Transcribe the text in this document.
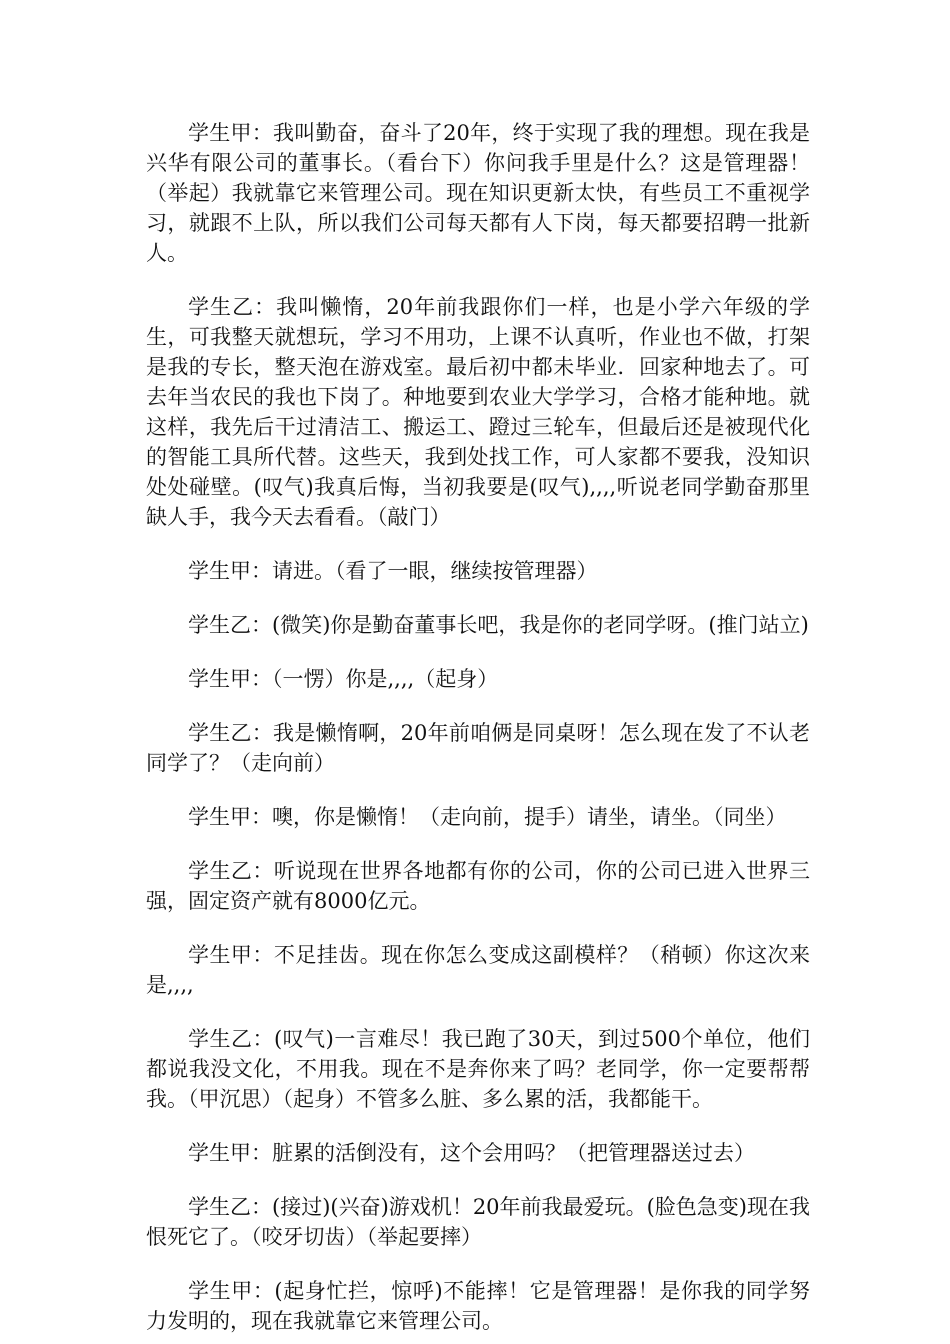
学生甲：我叫勤奋，奋斗了20年，终于实现了我的理想。现在我是兴华有限公司的董事长。（看台下）你问我手里是什么？这是管理器！（举起）我就靠它来管理公司。现在知识更新太快，有些员工不重视学习，就跟不上队，所以我们公司每天都有人下岗，每天都要招聘一批新人。

学生乙：我叫懒惰，20年前我跟你们一样，也是小学六年级的学生，可我整天就想玩，学习不用功，上课不认真听，作业也不做，打架是我的专长，整天泡在游戏室。最后初中都未毕业．回家种地去了。可去年当农民的我也下岗了。种地要到农业大学学习，合格才能种地。就这样，我先后干过清洁工、搬运工、蹬过三轮车，但最后还是被现代化的智能工具所代替。这些天，我到处找工作，可人家都不要我，没知识处处碰壁。(叹气)我真后悔，当初我要是(叹气),,,,听说老同学勤奋那里缺人手，我今天去看看。（敲门）

学生甲：请进。（看了一眼，继续按管理器）

学生乙：(微笑)你是勤奋董事长吧，我是你的老同学呀。(推门站立)

学生甲：（一愣）你是,,,,（起身）

学生乙：我是懒惰啊，20年前咱俩是同桌呀！怎么现在发了不认老同学了？（走向前）

学生甲：噢，你是懒惰！（走向前，提手）请坐，请坐。（同坐）

学生乙：听说现在世界各地都有你的公司，你的公司已进入世界三强，固定资产就有8000亿元。

学生甲：不足挂齿。现在你怎么变成这副模样？（稍顿）你这次来是,,,,

学生乙：(叹气)一言难尽！我已跑了30天，到过500个单位，他们都说我没文化，不用我。现在不是奔你来了吗？老同学，你一定要帮帮我。（甲沉思）（起身）不管多么脏、多么累的活，我都能干。

学生甲：脏累的活倒没有，这个会用吗？（把管理器送过去）

学生乙：(接过)(兴奋)游戏机！20年前我最爱玩。(脸色急变)现在我恨死它了。（咬牙切齿）（举起要摔）

学生甲：(起身忙拦，惊呼)不能摔！它是管理器！是你我的同学努力发明的，现在我就靠它来管理公司。
